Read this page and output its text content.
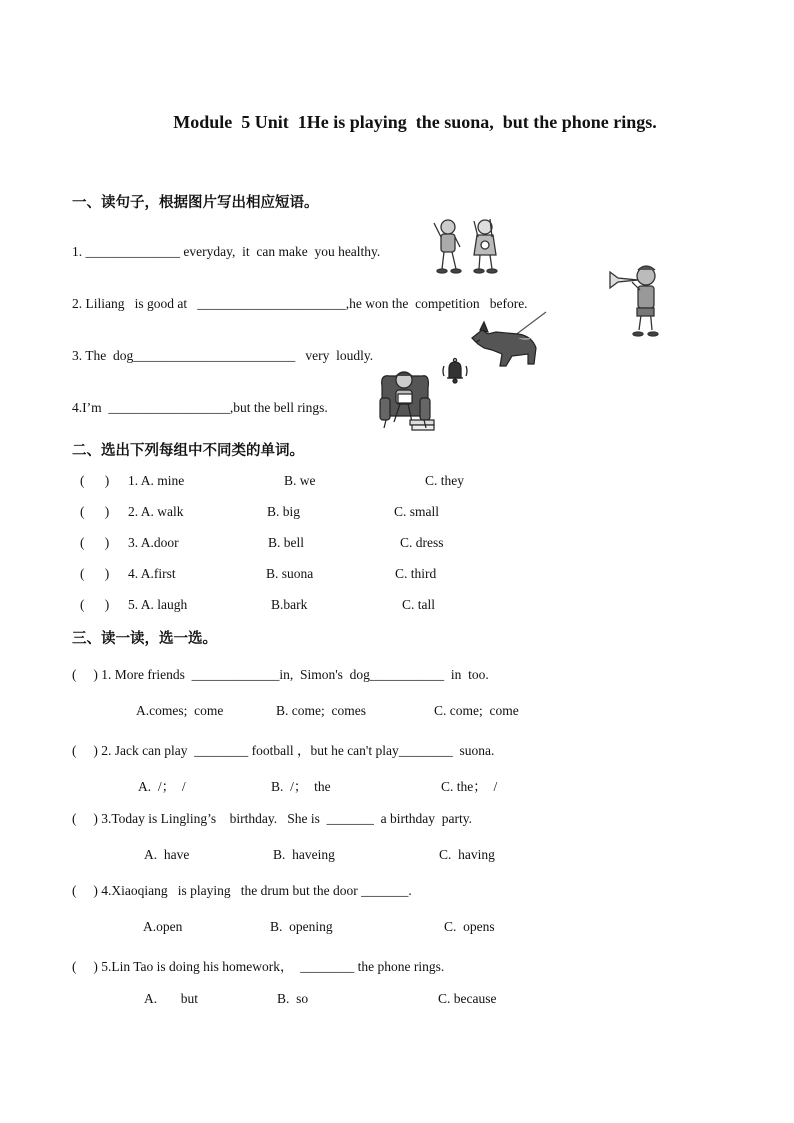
Module  5 Unit  1He is playing  the suona,  but the phone rings.
一、读句子，根据图片写出相应短语。
1. ______________ everyday,  it  can make  you healthy.
2. Liliang   is good at   ______________________,he won the  competition   before.
3. The  dog________________________   very  loudly.
4.I’m  __________________,but the bell rings.
二、选出下列每组中不同类的单词。
(      ) 1. A. mine	B. we	C. they
(      ) 2. A. walk	B. big	C. small
(      ) 3. A.door	B. bell	C. dress
(      ) 4. A.first	B. suona	C. third
(      ) 5. A. laugh	B.bark	C. tall
三、读一读，选一选。
(     ) 1. More friends  _____________in,  Simon's  dog___________  in  too.
A.comes;  come	B. come;  comes	C. come;  come
(     ) 2. Jack can play  ________ football ，but he can't play________  suona.
A.  /；  /	B.  /；  the	C. the；  /
(     ) 3.Today is Lingling’s    birthday.   She is  _______  a birthday  party.
A.  have	B.  haveing	C.  having
(     ) 4.Xiaoqiang   is playing   the drum but the door _______.
A.open	B.  opening	C.  opens
(     ) 5.Lin Tao is doing his homework，  ________ the phone rings.
A.       but	B.  so	C. because
